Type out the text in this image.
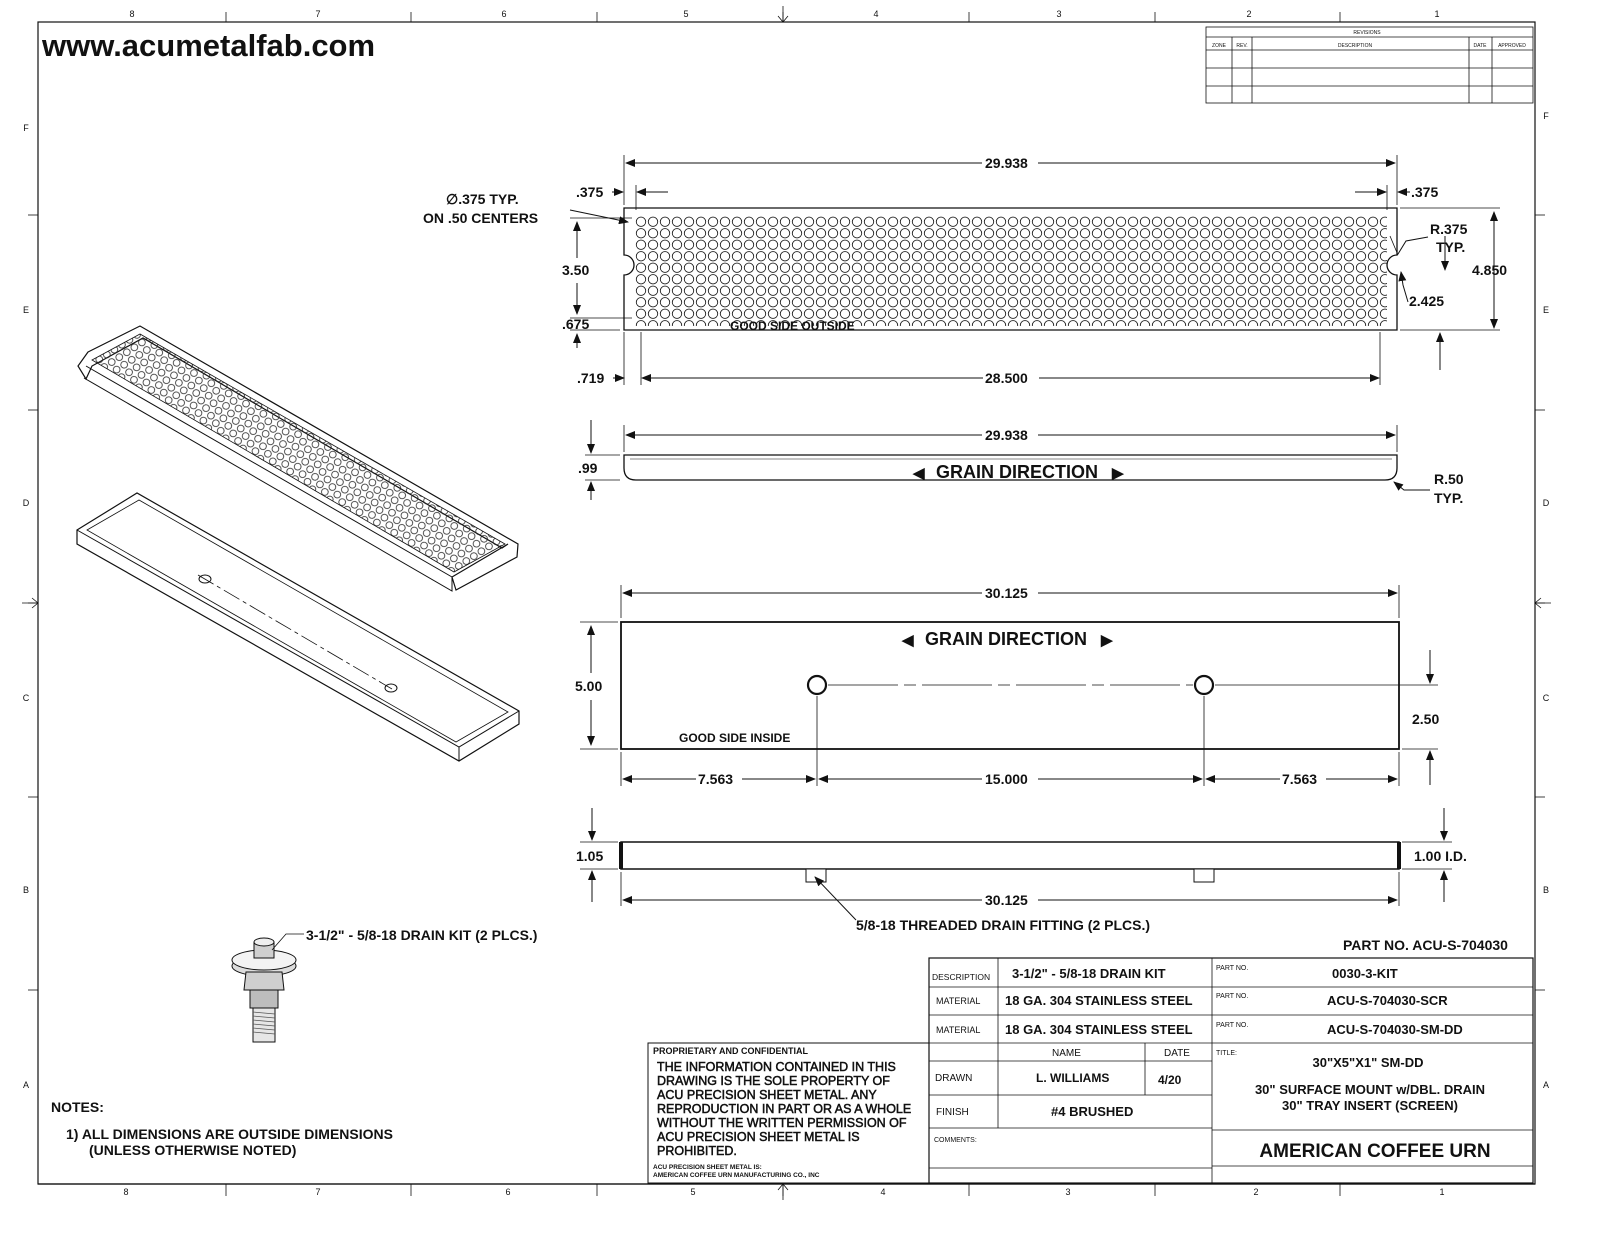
8	7	6	5	4	3	2	1
8	7	6	5	4	3	2	1
F
E
D
C
B
A
F
E
D
C
B
A
www.acumetalfab.com	REVISIONS
ZONE REV.	DESCRIPTION	DATE APPROVED
3-1/2" - 5/8-18 DRAIN KIT (2 PLCS.)
29.938
∅.375 TYP.
ON .50 CENTERS
.375	.375
R.375
TYP.
3.50	4.850
2.425
.675
.719	28.500
GOOD SIDE OUTSIDE
29.938
.99	◀ GRAIN DIRECTION ▶	R.50
TYP.
30.125
◀ GRAIN DIRECTION ▶
5.00
2.50
GOOD SIDE INSIDE
7.563	15.000	7.563
1.05	1.00 I.D.
30.125
5/8-18 THREADED DRAIN FITTING (2 PLCS.)
NOTES:
1) ALL DIMENSIONS ARE OUTSIDE DIMENSIONS
(UNLESS OTHERWISE NOTED)
PART NO. ACU-S-704030
DESCRIPTION 3-1/2" - 5/8-18 DRAIN KIT	PART NO.	0030-3-KIT
MATERIAL 18 GA. 304 STAINLESS STEEL	PART NO.	ACU-S-704030-SCR
MATERIAL 18 GA. 304 STAINLESS STEEL	PART NO.	ACU-S-704030-SM-DD
NAME	DATE
DRAWN	L. WILLIAMS	4/20
FINISH	#4 BRUSHED
COMMENTS:
TITLE:
30"X5"X1" SM-DD
30" SURFACE MOUNT w/DBL. DRAIN
30" TRAY INSERT (SCREEN)
AMERICAN COFFEE URN
PROPRIETARY AND CONFIDENTIAL
THE INFORMATION CONTAINED IN THIS
DRAWING IS THE SOLE PROPERTY OF
ACU PRECISION SHEET METAL. ANY
REPRODUCTION IN PART OR AS A WHOLE
WITHOUT THE WRITTEN PERMISSION OF
ACU PRECISION SHEET METAL IS
PROHIBITED.
ACU PRECISION SHEET METAL IS:
AMERICAN COFFEE URN MANUFACTURING CO., INC
